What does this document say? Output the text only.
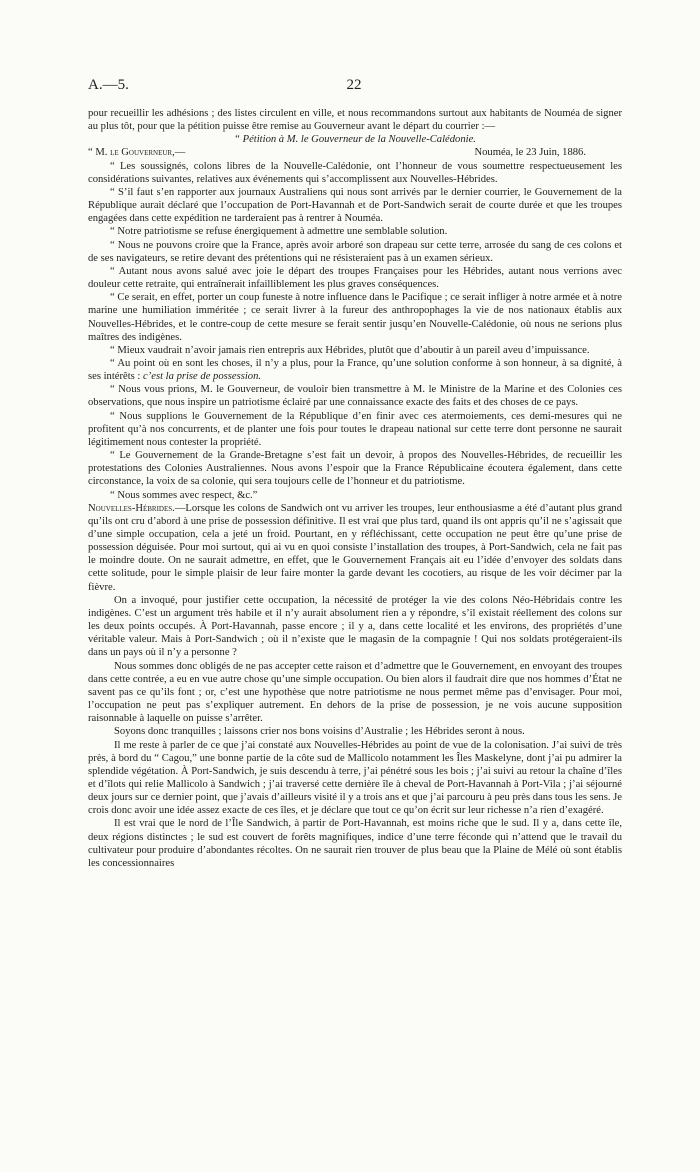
22
A.—5.

pour recueillir les adhésions ; des listes circulent en ville, et nous recommandons surtout aux habitants de Nouméa de signer au plus tôt, pour que la pétition puisse être remise au Gouverneur avant le départ du courrier :—

“ Pétition à M. le Gouverneur de la Nouvelle-Calédonie.

Nouméa, le 23 Juin, 1886.
“ M. le Gouverneur,—

“ Les soussignés, colons libres de la Nouvelle-Calédonie, ont l’honneur de vous soumettre respectueusement les considérations suivantes, relatives aux événements qui s’accomplissent aux Nouvelles-Hébrides.

“ S’il faut s’en rapporter aux journaux Australiens qui nous sont arrivés par le dernier courrier, le Gouvernement de la République aurait déclaré que l’occupation de Port-Havannah et de Port-Sandwich serait de courte durée et que les troupes engagées dans cette expédition ne tarderaient pas à rentrer à Nouméa.

“ Notre patriotisme se refuse énergiquement à admettre une semblable solution.

“ Nous ne pouvons croire que la France, après avoir arboré son drapeau sur cette terre, arrosée du sang de ces colons et de ses navigateurs, se retire devant des prétentions qui ne résisteraient pas à un examen sérieux.

“ Autant nous avons salué avec joie le départ des troupes Françaises pour les Hébrides, autant nous verrions avec douleur cette retraite, qui entraînerait infailliblement les plus graves conséquences.

“ Ce serait, en effet, porter un coup funeste à notre influence dans le Pacifique ; ce serait infliger à notre armée et à notre marine une humiliation imméritée ; ce serait livrer à la fureur des anthropophages la vie de nos nationaux établis aux Nouvelles-Hébrides, et le contre-coup de cette mesure se ferait sentir jusqu’en Nouvelle-Calédonie, où nous ne serions plus maîtres des indigènes.

“ Mieux vaudrait n’avoir jamais rien entrepris aux Hébrides, plutôt que d’aboutir à un pareil aveu d’impuissance.

“ Au point où en sont les choses, il n’y a plus, pour la France, qu’une solution conforme à son honneur, à sa dignité, à ses intérêts : c’est la prise de possession.

“ Nous vous prions, M. le Gouverneur, de vouloir bien transmettre à M. le Ministre de la Marine et des Colonies ces observations, que nous inspire un patriotisme éclairé par une connaissance exacte des faits et des choses de ce pays.

“ Nous supplions le Gouvernement de la République d’en finir avec ces atermoiements, ces demi-mesures qui ne profitent qu’à nos concurrents, et de planter une fois pour toutes le drapeau national sur cette terre dont personne ne saurait légitimement nous contester la propriété.

“ Le Gouvernement de la Grande-Bretagne s’est fait un devoir, à propos des Nouvelles-Hébrides, de recueillir les protestations des Colonies Australiennes. Nous avons l’espoir que la France Républicaine écoutera également, dans cette circonstance, la voix de sa colonie, qui sera toujours celle de l’honneur et du patriotisme.

“ Nous sommes avec respect, &c.”

Nouvelles-Hébrides.—Lorsque les colons de Sandwich ont vu arriver les troupes, leur enthousiasme a été d’autant plus grand qu’ils ont cru d’abord à une prise de possession définitive. Il est vrai que plus tard, quand ils ont appris qu’il ne s’agissait que d’une simple occupation, cela a jeté un froid. Pourtant, en y réfléchissant, cette occupation ne peut être qu’une prise de possession déguisée. Pour moi surtout, qui ai vu en quoi consiste l’installation des troupes, à Port-Sandwich, cela ne fait pas le moindre doute. On ne saurait admettre, en effet, que le Gouvernement Français ait eu l’idée d’envoyer des soldats dans cette solitude, pour le simple plaisir de leur faire monter la garde devant les cocotiers, au risque de les voir décimer par la fièvre.

On a invoqué, pour justifier cette occupation, la nécessité de protéger la vie des colons Néo-Hébridais contre les indigènes. C’est un argument très habile et il n’y aurait absolument rien a y répondre, s’il existait réellement des colons sur les deux points occupés. À Port-Havannah, passe encore ; il y a, dans cette localité et les environs, des propriétés d’une véritable valeur. Mais à Port-Sandwich ; où il n’existe que le magasin de la compagnie ! Qui nos soldats protégeraient-ils dans un pays où il n’y a personne ?

Nous sommes donc obligés de ne pas accepter cette raison et d’admettre que le Gouvernement, en envoyant des troupes dans cette contrée, a eu en vue autre chose qu’une simple occupation. Ou bien alors il faudrait dire que nos hommes d’État ne savent pas ce qu’ils font ; or, c’est une hypothèse que notre patriotisme ne nous permet même pas d’envisager. Pour moi, l’occupation ne peut pas s’expliquer autrement. En dehors de la prise de possession, je ne vois aucune supposition raisonnable à laquelle on puisse s’arrêter.

Soyons donc tranquilles ; laissons crier nos bons voisins d’Australie ; les Hébrides seront à nous.

Il me reste à parler de ce que j’ai constaté aux Nouvelles-Hébrides au point de vue de la colonisation. J’ai suivi de très près, à bord du “ Cagou,” une bonne partie de la côte sud de Mallicolo notamment les Îles Maskelyne, dont j’ai pu admirer la splendide végétation. À Port-Sandwich, je suis descendu à terre, j’ai pénétré sous les bois ; j’ai suivi au retour la chaîne d’îles et d’îlots qui relie Mallicolo à Sandwich ; j’ai traversé cette dernière île à cheval de Port-Havannah à Port-Vila ; j’ai séjourné deux jours sur ce dernier point, que j’avais d’ailleurs visité il y a trois ans et que j’ai parcouru à peu près dans tous les sens. Je crois donc avoir une idée assez exacte de ces îles, et je déclare que tout ce qu’on écrit sur leur richesse n’a rien d’exagéré.

Il est vrai que le nord de l’Île Sandwich, à partir de Port-Havannah, est moins riche que le sud. Il y a, dans cette île, deux régions distinctes ; le sud est couvert de forêts magnifiques, indice d’une terre féconde qui n’attend que le travail du cultivateur pour produire d’abondantes récoltes. On ne saurait rien trouver de plus beau que la Plaine de Mélé où sont établis les concessionnaires
